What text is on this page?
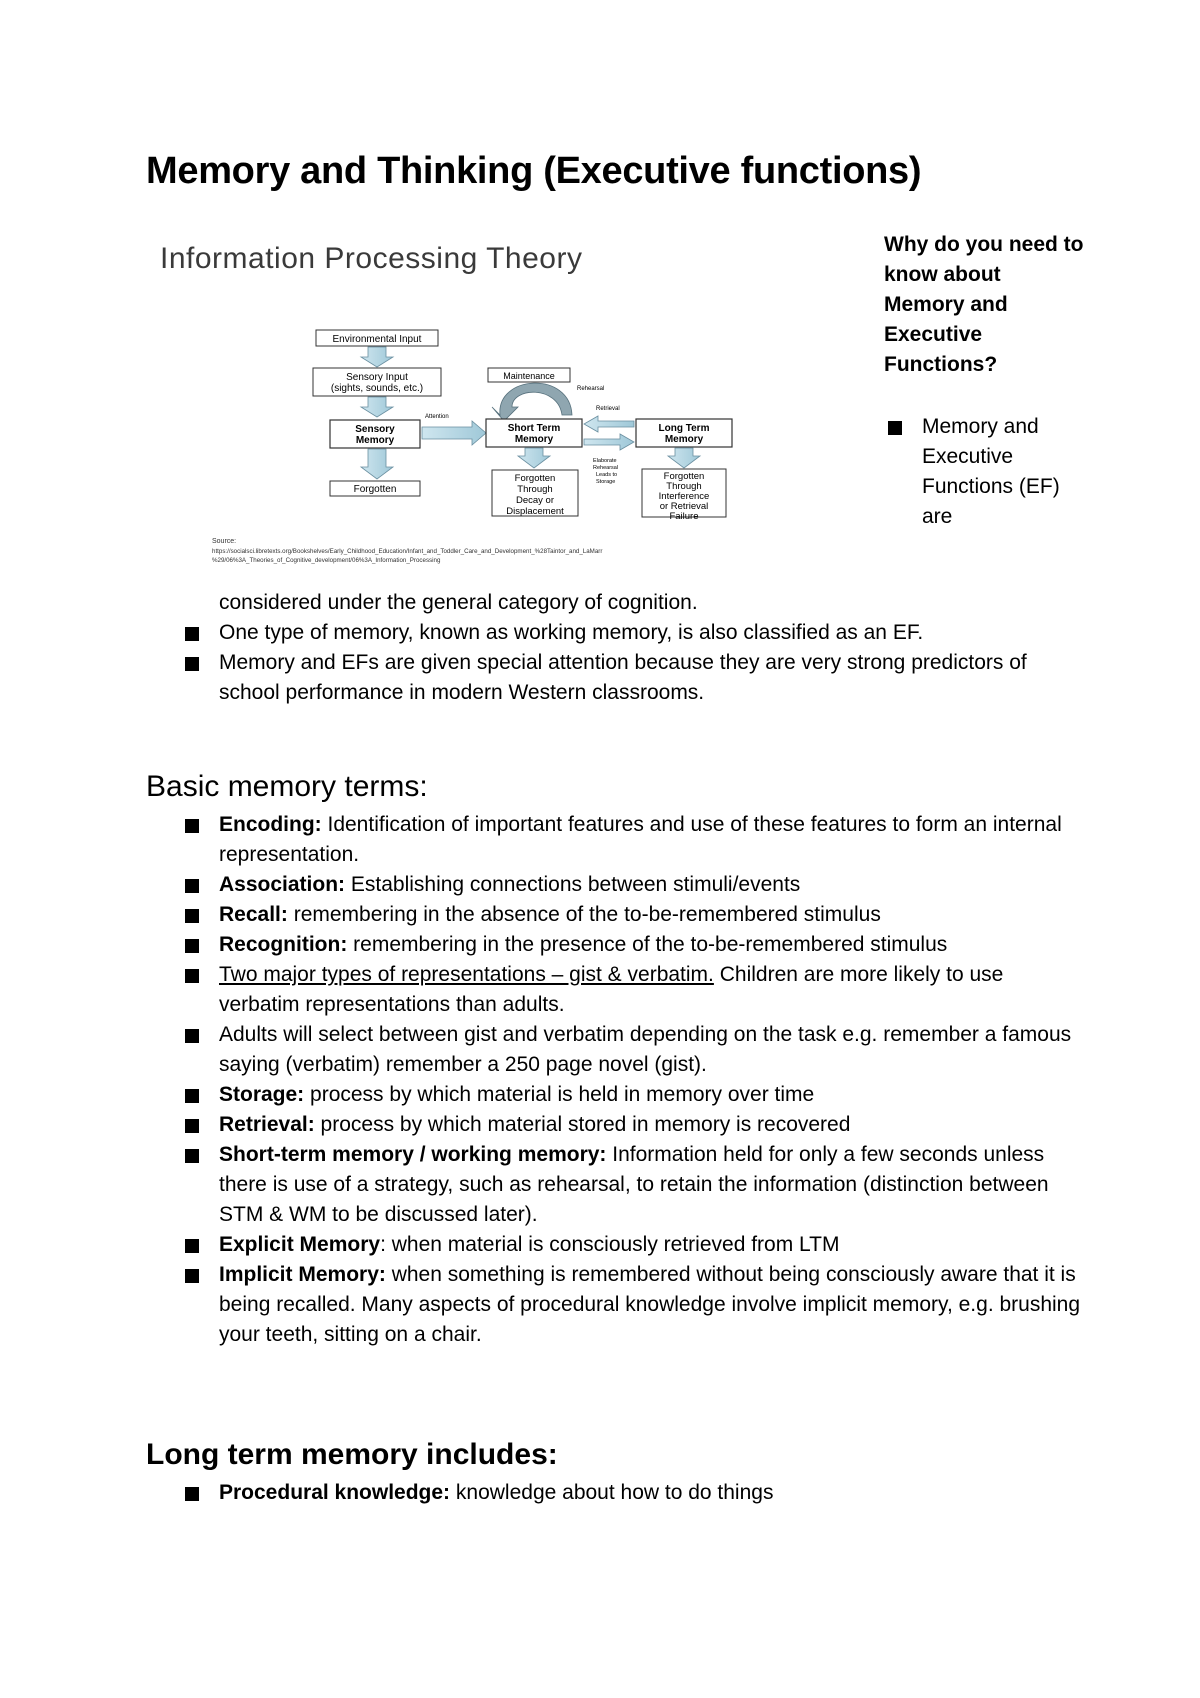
Memory and Thinking (Executive functions)
Information Processing Theory
Environmental Input
Sensory Input
(sights, sounds, etc.)
Sensory
Memory
Forgotten
Attention
Maintenance
Rehearsal
Short Term
Memory
Retrieval
Elaborate
Rehearsal
Leads to
Storage
Long Term
Memory
Forgotten
Through
Decay or
Displacement
Forgotten
Through
Interference
or Retrieval
Failure
Source:
https://socialsci.libretexts.org/Bookshelves/Early_Childhood_Education/Infant_and_Toddler_Care_and_Development_%28Taintor_and_LaMarr
%29/06%3A_Theories_of_Cognitive_development/06%3A_Information_Processing
Why do you need to know about Memory and Executive Functions?
Memory and Executive Functions (EF) are
considered under the general category of cognition.
One type of memory, known as working memory, is also classified as an EF.
Memory and EFs are given special attention because they are very strong predictors of school performance in modern Western classrooms.
Basic memory terms:
Encoding: Identification of important features and use of these features to form an internal representation.
Association: Establishing connections between stimuli/events
Recall: remembering in the absence of the to-be-remembered stimulus
Recognition: remembering in the presence of the to-be-remembered stimulus
Two major types of representations – gist & verbatim. Children are more likely to use verbatim representations than adults.
Adults will select between gist and verbatim depending on the task e.g. remember a famous saying (verbatim) remember a 250 page novel (gist).
Storage: process by which material is held in memory over time
Retrieval: process by which material stored in memory is recovered
Short-term memory / working memory: Information held for only a few seconds unless there is use of a strategy, such as rehearsal, to retain the information (distinction between STM & WM to be discussed later).
Explicit Memory: when material is consciously retrieved from LTM
Implicit Memory: when something is remembered without being consciously aware that it is being recalled. Many aspects of procedural knowledge involve implicit memory, e.g. brushing your teeth, sitting on a chair.
Long term memory includes:
Procedural knowledge: knowledge about how to do things
